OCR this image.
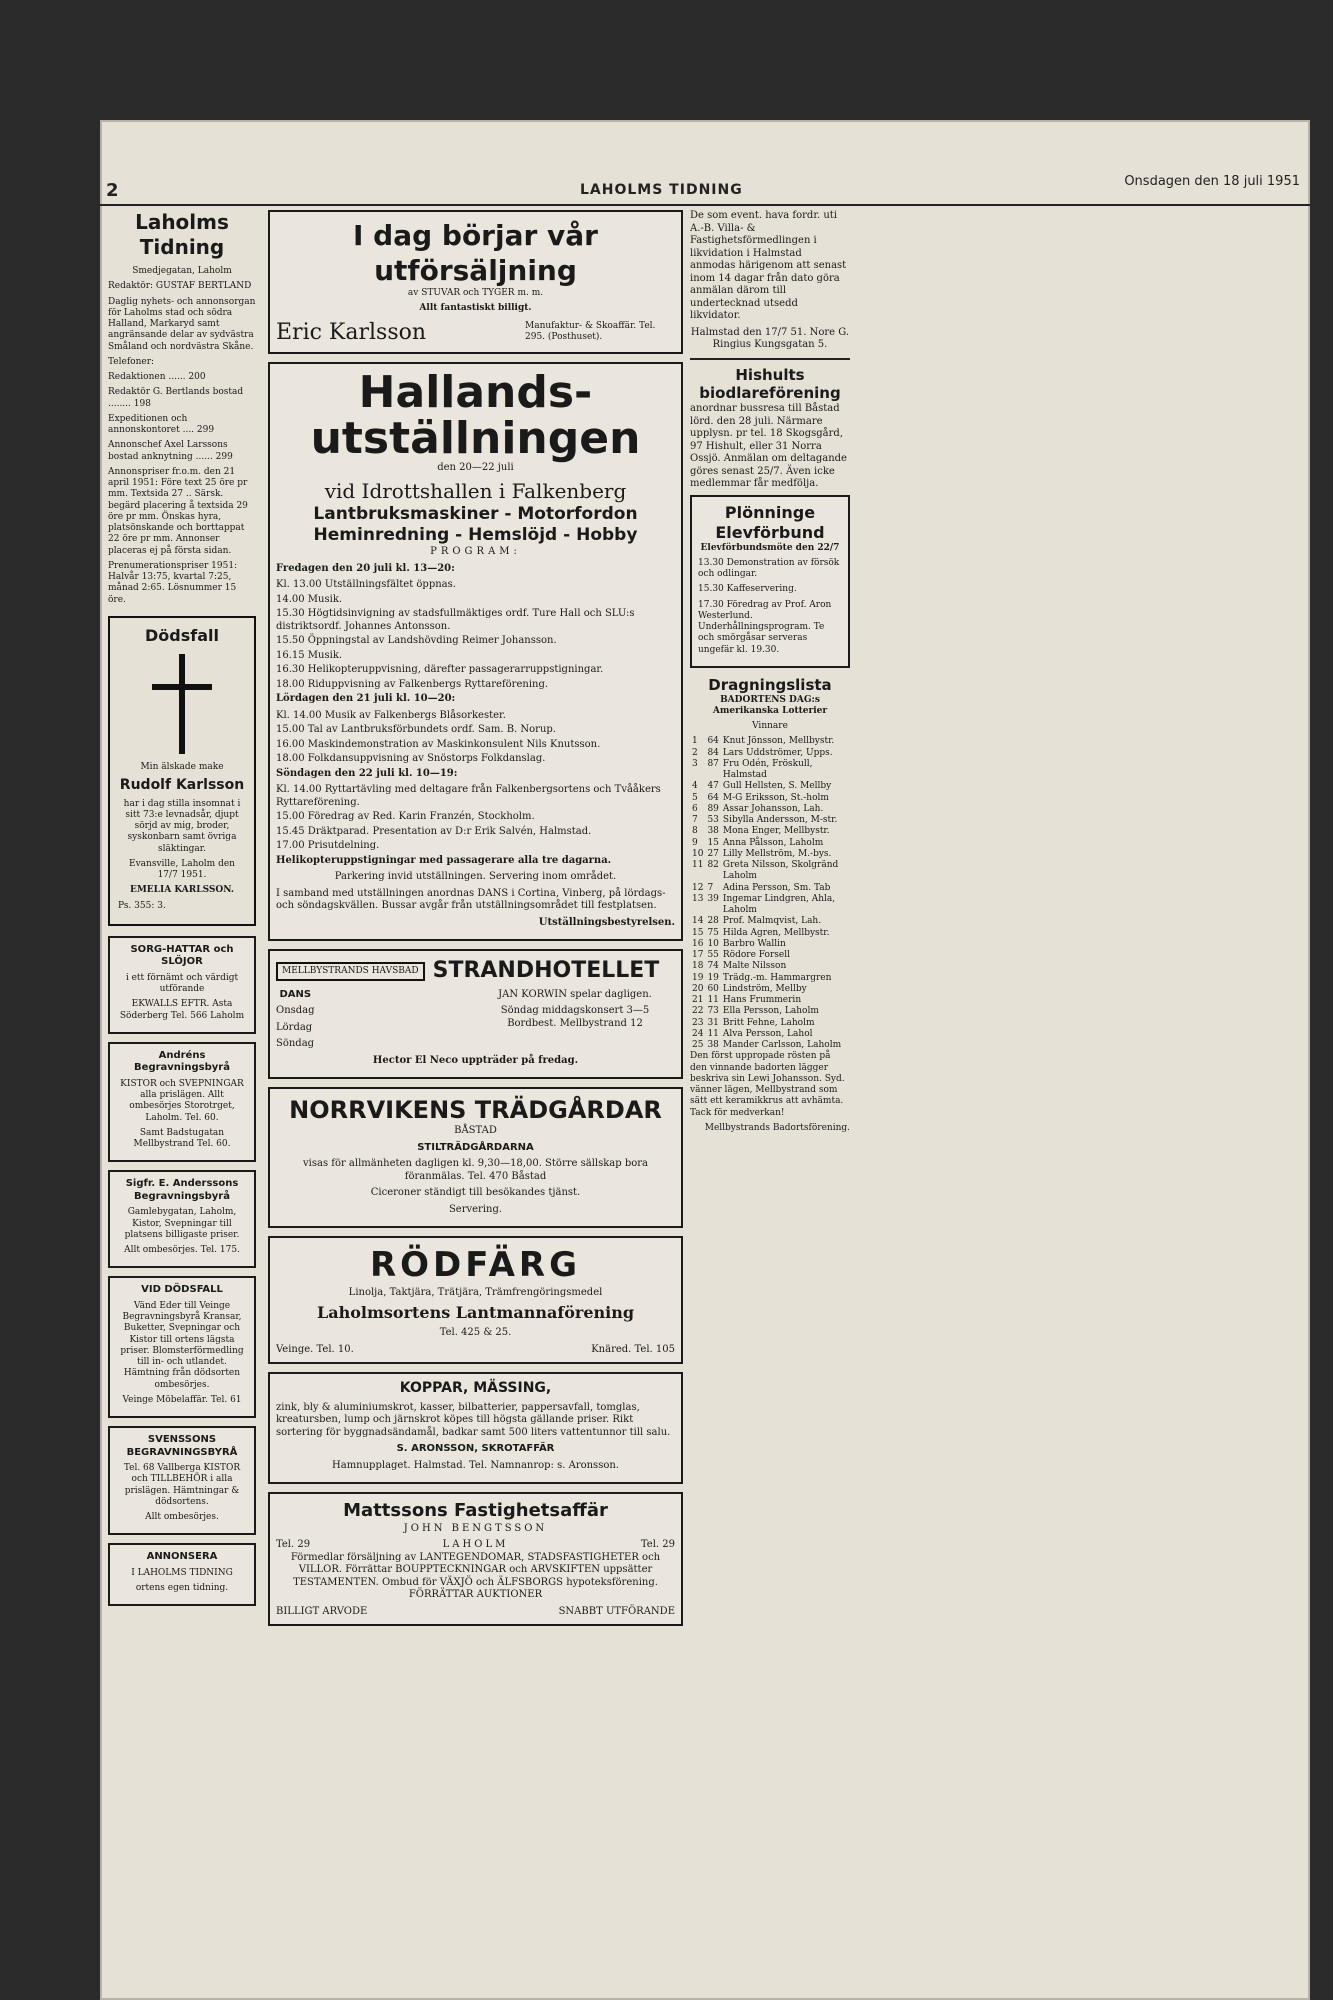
2	LAHOLMS TIDNING
Onsdagen den 18 juli 1951
Laholms Tidning

Smedjegatan, Laholm

Redaktör: GUSTAF BERTLAND

Daglig nyhets- och annonsorgan för Laholms stad och södra Halland, Markaryd samt angränsande delar av sydvästra Småland och nordvästra Skåne.

Telefoner:

Redaktionen ...... 200

Redaktör G. Bertlands bostad ........ 198

Expeditionen och annonskontoret .... 299

Annonschef Axel Larssons bostad anknytning ...... 299

Annonspriser fr.o.m. den 21 april 1951: Före text 25 öre pr mm. Textsida 27 .. Särsk. begärd placering å textsida 29 öre pr mm. Önskas hyra, platsönskande och borttappat 22 öre pr mm. Annonser placeras ej på första sidan.

Prenumerationspriser 1951: Halvår 13:75, kvartal 7:25, månad 2:65. Lösnummer 15 öre.

Dödsfall

Min älskade make

Rudolf Karlsson

har i dag stilla insomnat i sitt 73:e levnadsår, djupt sörjd av mig, broder, syskonbarn samt övriga släktingar.

Evansville, Laholm den 17/7 1951.

EMELIA KARLSSON.

Ps. 355: 3.

SORG-HATTAR och SLÖJOR

i ett förnämt och värdigt utförande

EKWALLS EFTR. Asta Söderberg Tel. 566 Laholm

Andréns Begravningsbyrå

KISTOR och SVEPNINGAR alla prislägen. Allt ombesörjes Storotrget, Laholm. Tel. 60.

Samt Badstugatan Mellbystrand Tel. 60.

Sigfr. E. Anderssons Begravningsbyrå

Gamlebygatan, Laholm, Kistor, Svepningar till platsens billigaste priser.

Allt ombesörjes. Tel. 175.

VID DÖDSFALL

Vänd Eder till Veinge Begravningsbyrå Kransar, Buketter, Svepningar och Kistor till ortens lägsta priser. Blomsterförmedling till in- och utlandet. Hämtning från dödsorten ombesörjes.

Veinge Möbelaffär. Tel. 61

SVENSSONS BEGRAVNINGSBYRÅ

Tel. 68 Vallberga KISTOR och TILLBEHÖR i alla prislägen. Hämtningar & dödsortens.

Allt ombesörjes.

ANNONSERA

I LAHOLMS TIDNING

ortens egen tidning.

I dag börjar vår utförsäljning

av STUVAR och TYGER m. m.

Allt fantastiskt billigt.

Eric Karlsson	Manufaktur- & Skoaffär. Tel. 295. (Posthuset).
Hallands-
utställningen

den 20—22 juli

vid Idrottshallen i Falkenberg
Lantbruksmaskiner - Motorfordon
Heminredning - Hemslöjd - Hobby

PROGRAM:

Fredagen den 20 juli kl. 13—20:

Kl. 13.00 Utställningsfältet öppnas.

14.00 Musik.

15.30 Högtidsinvigning av stadsfullmäktiges ordf. Ture Hall och SLU:s distriktsordf. Johannes Antonsson.

15.50 Öppningstal av Landshövding Reimer Johansson.

16.15 Musik.

16.30 Helikopteruppvisning, därefter passagerarruppstigningar.

18.00 Riduppvisning av Falkenbergs Ryttareförening.

Lördagen den 21 juli kl. 10—20:

Kl. 14.00 Musik av Falkenbergs Blåsorkester.

15.00 Tal av Lantbruksförbundets ordf. Sam. B. Norup.

16.00 Maskindemonstration av Maskinkonsulent Nils Knutsson.

18.00 Folkdansuppvisning av Snöstorps Folkdanslag.

Söndagen den 22 juli kl. 10—19:

Kl. 14.00 Ryttartävling med deltagare från Falkenbergsortens och Tvååkers Ryttareförening.

15.00 Föredrag av Red. Karin Franzén, Stockholm.

15.45 Dräktparad. Presentation av D:r Erik Salvén, Halmstad.

17.00 Prisutdelning.

Helikopteruppstigningar med passagerare alla tre dagarna.

Parkering invid utställningen. Servering inom området.

I samband med utställningen anordnas DANS i Cortina, Vinberg, på lördags- och söndagskvällen. Bussar avgår från utställningsområdet till festplatsen.

Utställningsbestyrelsen.

MELLBYSTRANDS HAVSBAD STRANDHOTELLET

DANS

Onsdag

Lördag

Söndag

JAN KORWIN spelar dagligen.

Söndag middagskonsert 3—5 Bordbest. Mellbystrand 12

Hector El Neco uppträder på fredag.

NORRVIKENS TRÄDGÅRDAR

BÅSTAD

STILTRÄDGÅRDARNA

visas för allmänheten dagligen kl. 9,30—18,00. Större sällskap bora föranmälas. Tel. 470 Båstad

Ciceroner ständigt till besökandes tjänst.

Servering.

RÖDFÄRG

Linolja, Taktjära, Trätjära, Trämfrengöringsmedel

Laholmsortens Lantmannaförening

Tel. 425 & 25.

Veinge. Tel. 10.	Knäred. Tel. 105

KOPPAR, MÄSSING,

zink, bly & aluminiumskrot, kasser, bilbatterier, pappersavfall, tomglas, kreatursben, lump och järnskrot köpes till högsta gällande priser. Rikt sortering för byggnadsändamål, badkar samt 500 liters vattentunnor till salu.

S. ARONSSON, SKROTAFFÄR

Hamnupplaget. Halmstad. Tel. Namnanrop: s. Aronsson.

Mattssons Fastighetsaffär

JOHN BENGTSSON

Tel. 29	LAHOLM	Tel. 29

Förmedlar försäljning av LANTEGENDOMAR, STADSFASTIGHETER och VILLOR. Förrättar BOUPPTECKNINGAR och ARVSKIFTEN uppsätter TESTAMENTEN. Ombud för VÄXJÖ och ÄLFSBORGS hypoteksförening. FÖRRÄTTAR AUKTIONER

BILLIGT ARVODE	SNABBT UTFÖRANDE

De som event. hava fordr. uti A.-B. Villa- & Fastighetsförmedlingen i likvidation i Halmstad anmodas härigenom att senast inom 14 dagar från dato göra anmälan därom till undertecknad utsedd likvidator.

Halmstad den 17/7 51. Nore G. Ringius Kungsgatan 5.

Hishults biodlareförening

anordnar bussresa till Båstad lörd. den 28 juli. Närmare upplysn. pr tel. 18 Skogsgård, 97 Hishult, eller 31 Norra Ossjö. Anmälan om deltagande göres senast 25/7. Även icke medlemmar får medfölja.

Plönninge Elevförbund

Elevförbundsmöte den 22/7

13.30 Demonstration av försök och odlingar.

15.30 Kaffeservering.

17.30 Föredrag av Prof. Aron Westerlund. Underhållningsprogram. Te och smörgåsar serveras ungefär kl. 19.30.

Dragningslista

BADORTENS DAG:s Amerikanska Lotterier

Vinnare

1	64	Knut Jönsson, Mellbystr.
2	84	Lars Uddströmer, Upps.
3	87	Fru Odén, Fröskull, Halmstad
4	47	Gull Hellsten, S. Mellby
5	64	M-G Eriksson, St.-holm
6	89	Assar Johansson, Lah.
7	53	Sibylla Andersson, M-str.
8	38	Mona Enger, Mellbystr.
9	15	Anna Pålsson, Laholm
10	27	Lilly Mellström, M.-bys.
11	82	Greta Nilsson, Skolgränd Laholm
12	7	Adina Persson, Sm. Tab
13	39	Ingemar Lindgren, Ahla, Laholm
14	28	Prof. Malmqvist, Lah.
15	75	Hilda Agren, Mellbystr.
16	10	Barbro Wallin
17	55	Rödore Forsell
18	74	Malte Nilsson
19	19	Trädg.-m. Hammargren
20	60	Lindström, Mellby
21	11	Hans Frummerin
22	73	Ella Persson, Laholm
23	31	Britt Fehne, Laholm
24	11	Alva Persson, Lahol
25	38	Mander Carlsson, Laholm

Den först uppropade rösten på den vinnande badorten lägger beskriva sin Lewi Johansson. Syd. vänner lägen, Mellbystrand som sätt ett keramikkrus att avhämta. Tack för medverkan!

Mellbystrands Badortsförening.
